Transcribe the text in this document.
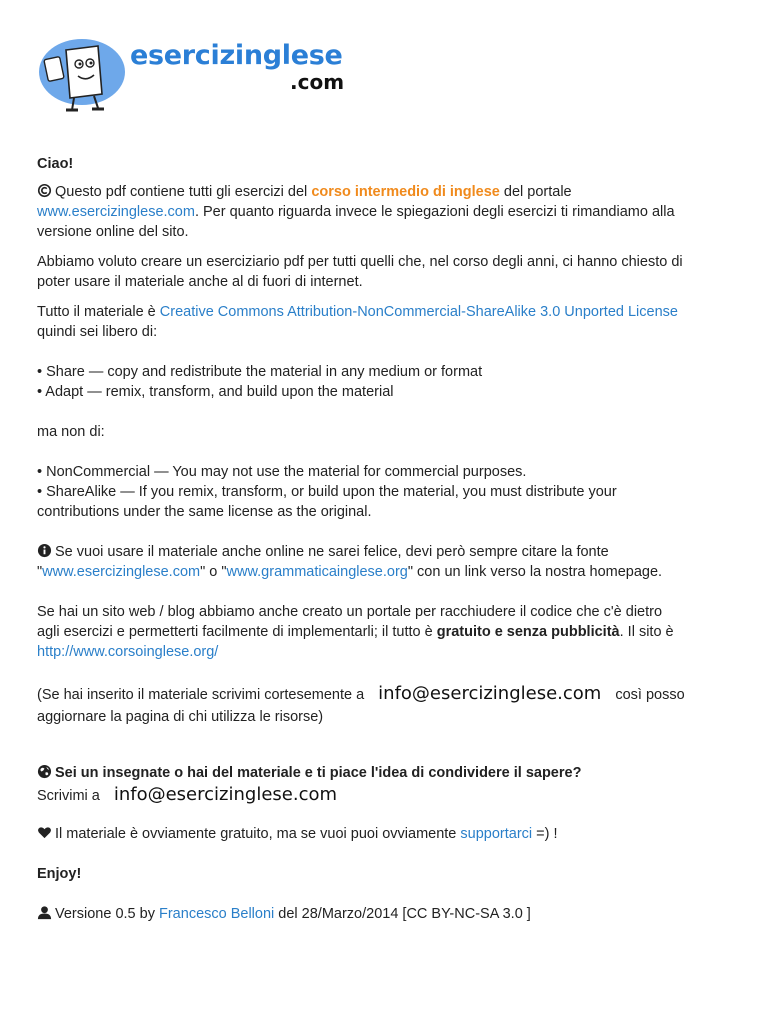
esercizinglese
.com

Ciao!

Questo pdf contiene tutti gli esercizi del corso intermedio di inglese del portale
www.esercizinglese.com. Per quanto riguarda invece le spiegazioni degli esercizi ti rimandiamo alla
versione online del sito.

Abbiamo voluto creare un eserciziario pdf per tutti quelli che, nel corso degli anni, ci hanno chiesto di
poter usare il materiale anche al di fuori di internet.

Tutto il materiale è Creative Commons Attribution-NonCommercial-ShareAlike 3.0 Unported License
quindi sei libero di:

• Share — copy and redistribute the material in any medium or format
• Adapt — remix, transform, and build upon the material

ma non di:

• NonCommercial — You may not use the material for commercial purposes.
• ShareAlike — If you remix, transform, or build upon the material, you must distribute your
contributions under the same license as the original.

Se vuoi usare il materiale anche online ne sarei felice, devi però sempre citare la fonte
"www.esercizinglese.com" o "www.grammaticainglese.org" con un link verso la nostra homepage.

Se hai un sito web / blog abbiamo anche creato un portale per racchiudere il codice che c'è dietro
agli esercizi e permetterti facilmente di implementarli; il tutto è gratuito e senza pubblicità. Il sito è
http://www.corsoinglese.org/

(Se hai inserito il materiale scrivimi cortesemente a info@esercizinglese.com così posso
aggiornare la pagina di chi utilizza le risorse)

Sei un insegnate o hai del materiale e ti piace l'idea di condividere il sapere?

Scrivimi a info@esercizinglese.com

Il materiale è ovviamente gratuito, ma se vuoi puoi ovviamente supportarci =) !

Enjoy!

Versione 0.5 by Francesco Belloni del 28/Marzo/2014 [CC BY-NC-SA 3.0 ]
